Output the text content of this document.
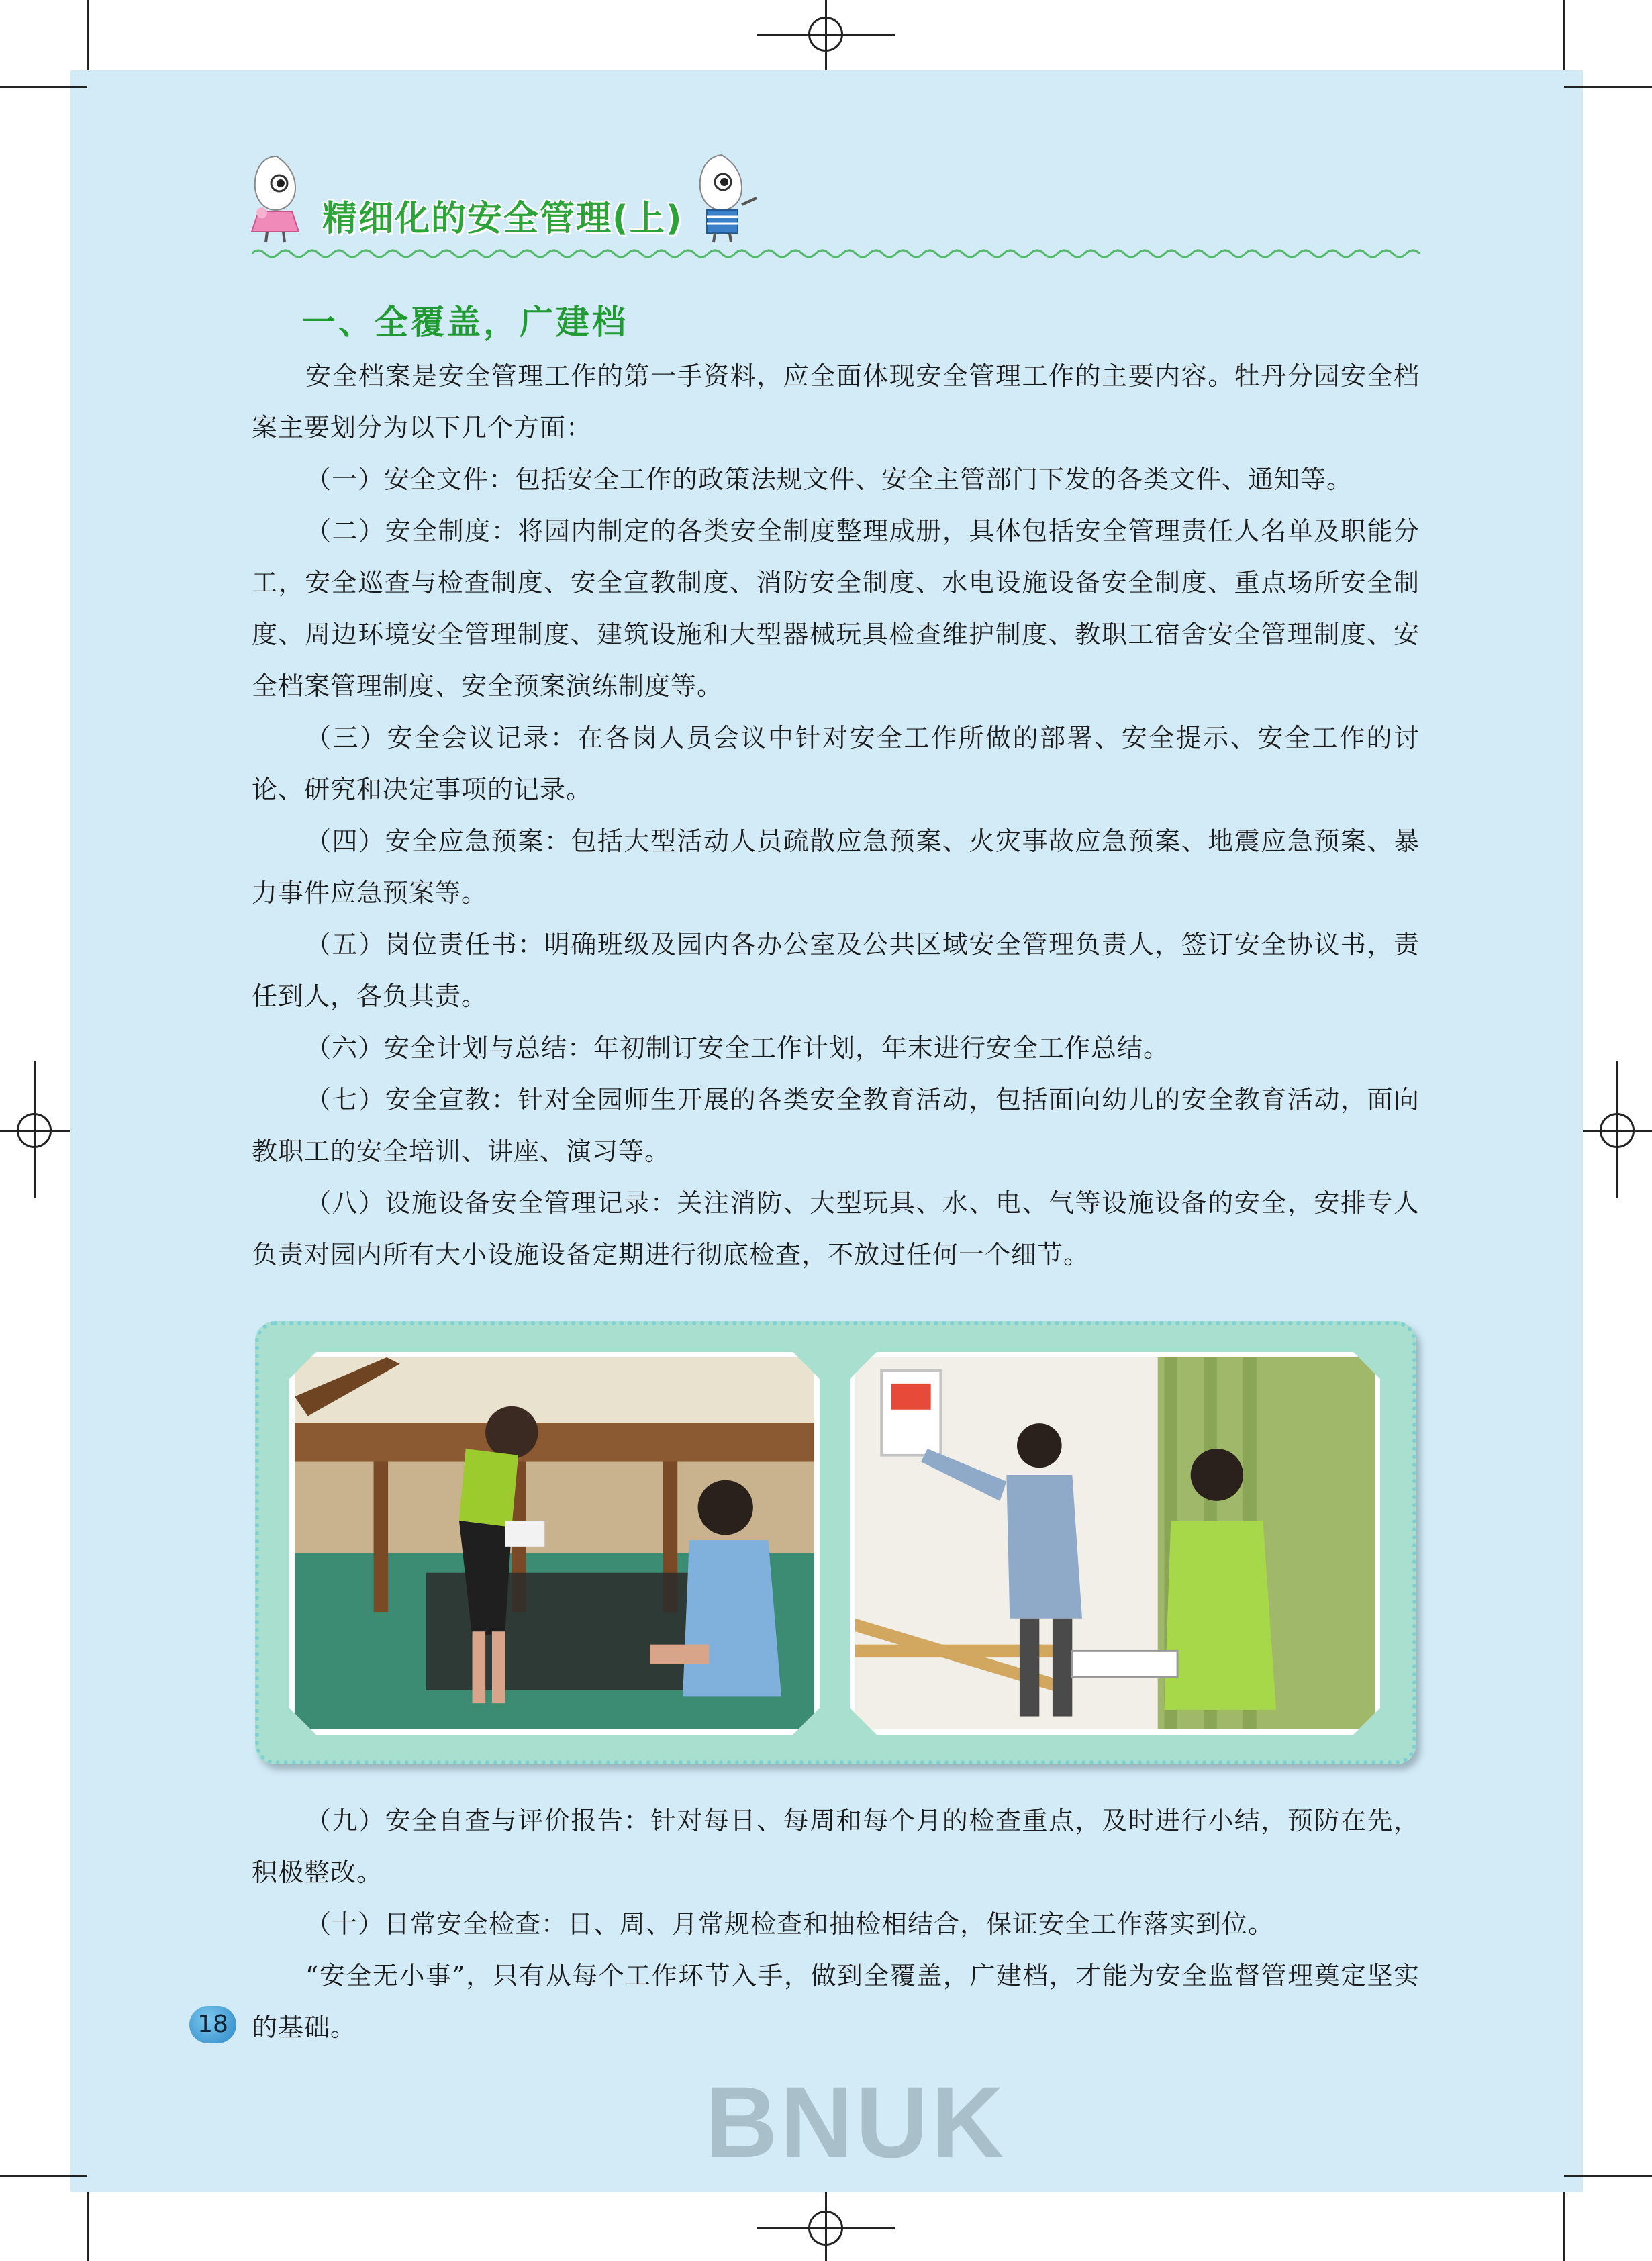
精细化的安全管理(上)
一、全覆盖，广建档

安全档案是安全管理工作的第一手资料，应全面体现安全管理工作的主要内容。牡丹分园安全档案主要划分为以下几个方面：

（一）安全文件：包括安全工作的政策法规文件、安全主管部门下发的各类文件、通知等。

（二）安全制度：将园内制定的各类安全制度整理成册，具体包括安全管理责任人名单及职能分工，安全巡查与检查制度、安全宣教制度、消防安全制度、水电设施设备安全制度、重点场所安全制度、周边环境安全管理制度、建筑设施和大型器械玩具检查维护制度、教职工宿舍安全管理制度、安全档案管理制度、安全预案演练制度等。

（三）安全会议记录：在各岗人员会议中针对安全工作所做的部署、安全提示、安全工作的讨论、研究和决定事项的记录。

（四）安全应急预案：包括大型活动人员疏散应急预案、火灾事故应急预案、地震应急预案、暴力事件应急预案等。

（五）岗位责任书：明确班级及园内各办公室及公共区域安全管理负责人，签订安全协议书，责任到人，各负其责。

（六）安全计划与总结：年初制订安全工作计划，年末进行安全工作总结。

（七）安全宣教：针对全园师生开展的各类安全教育活动，包括面向幼儿的安全教育活动，面向教职工的安全培训、讲座、演习等。

（八）设施设备安全管理记录：关注消防、大型玩具、水、电、气等设施设备的安全，安排专人负责对园内所有大小设施设备定期进行彻底检查，不放过任何一个细节。

（九）安全自查与评价报告：针对每日、每周和每个月的检查重点，及时进行小结，预防在先，积极整改。

（十）日常安全检查：日、周、月常规检查和抽检相结合，保证安全工作落实到位。

“安全无小事”，只有从每个工作环节入手，做到全覆盖，广建档，才能为安全监督管理奠定坚实的基础。

18
BNUK
